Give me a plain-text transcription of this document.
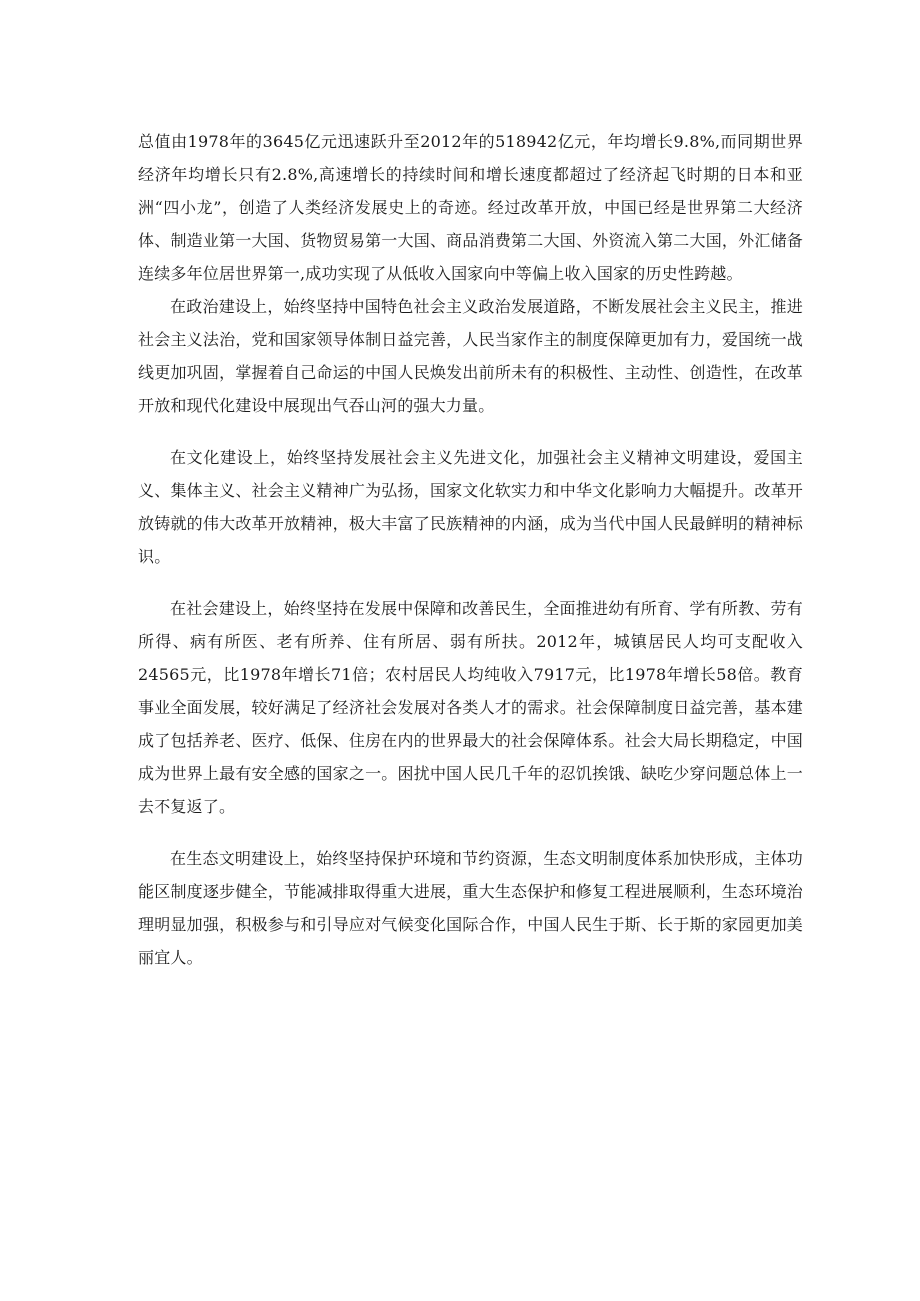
总值由1978年的3645亿元迅速跃升至2012年的518942亿元，年均增长9.8%,而同期世界经济年均增长只有2.8%,高速增长的持续时间和增长速度都超过了经济起飞时期的日本和亚洲“四小龙”，创造了人类经济发展史上的奇迹。经过改革开放，中国已经是世界第二大经济体、制造业第一大国、货物贸易第一大国、商品消费第二大国、外资流入第二大国，外汇储备连续多年位居世界第一,成功实现了从低收入国家向中等偏上收入国家的历史性跨越。

在政治建设上，始终坚持中国特色社会主义政治发展道路，不断发展社会主义民主，推进社会主义法治，党和国家领导体制日益完善，人民当家作主的制度保障更加有力，爱国统一战线更加巩固，掌握着自己命运的中国人民焕发出前所未有的积极性、主动性、创造性，在改革开放和现代化建设中展现出气吞山河的强大力量。

在文化建设上，始终坚持发展社会主义先进文化，加强社会主义精神文明建设，爱国主义、集体主义、社会主义精神广为弘扬，国家文化软实力和中华文化影响力大幅提升。改革开放铸就的伟大改革开放精神，极大丰富了民族精神的内涵，成为当代中国人民最鲜明的精神标识。

在社会建设上，始终坚持在发展中保障和改善民生，全面推进幼有所育、学有所教、劳有所得、病有所医、老有所养、住有所居、弱有所扶。2012年，城镇居民人均可支配收入24565元，比1978年增长71倍；农村居民人均纯收入7917元，比1978年增长58倍。教育事业全面发展，较好满足了经济社会发展对各类人才的需求。社会保障制度日益完善，基本建成了包括养老、医疗、低保、住房在内的世界最大的社会保障体系。社会大局长期稳定，中国成为世界上最有安全感的国家之一。困扰中国人民几千年的忍饥挨饿、缺吃少穿问题总体上一去不复返了。

在生态文明建设上，始终坚持保护环境和节约资源，生态文明制度体系加快形成，主体功能区制度逐步健全，节能减排取得重大进展，重大生态保护和修复工程进展顺利，生态环境治理明显加强，积极参与和引导应对气候变化国际合作，中国人民生于斯、长于斯的家园更加美丽宜人。
